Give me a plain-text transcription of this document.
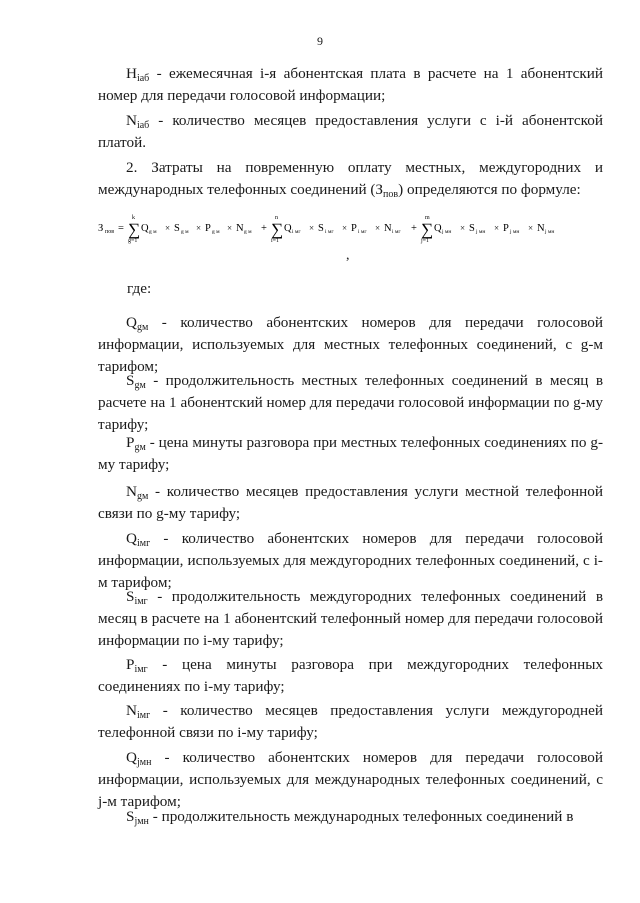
9
$H_{iаб}$ - ежемесячная i-я абонентская плата в расчете на 1 абонентский номер для передачи голосовой информации;
$N_{iаб}$ - количество месяцев предоставления услуги с i-й абонентской платой.
2. Затраты на повременную оплату местных, междугородних и международных телефонных соединений $(З_{пов})$ определяются по формуле:
З пов = ∑
k
g=1
Q g м × S g м × P g м × N g м + ∑
n
i=1
Q i мг × S i мг × P i мг × N i мг + ∑
m
j=1
Q j мн × S j мн × P j мн × N j мн
,
где:
$Q_{gм}$ - количество абонентских номеров для передачи голосовой информации, используемых для местных телефонных соединений, с g-м тарифом;
$S_{gм}$ - продолжительность местных телефонных соединений в месяц в расчете на 1 абонентский номер для передачи голосовой информации по g-му тарифу;
$P_{gм}$ - цена минуты разговора при местных телефонных соединениях по g-му тарифу;
$N_{gм}$ - количество месяцев предоставления услуги местной телефонной связи по g-му тарифу;
$Q_{iмг}$ - количество абонентских номеров для передачи голосовой информации, используемых для междугородних телефонных соединений, с i-м тарифом;
$S_{iмг}$ - продолжительность междугородних телефонных соединений в месяц в расчете на 1 абонентский телефонный номер для передачи голосовой информации по i-му тарифу;
$P_{iмг}$ - цена минуты разговора при междугородних телефонных соединениях по i-му тарифу;
$N_{iмг}$ - количество месяцев предоставления услуги междугородней телефонной связи по i-му тарифу;
$Q_{jмн}$ - количество абонентских номеров для передачи голосовой информации, используемых для международных телефонных соединений, с j-м тарифом;
$S_{jмн}$ - продолжительность международных телефонных соединений в
